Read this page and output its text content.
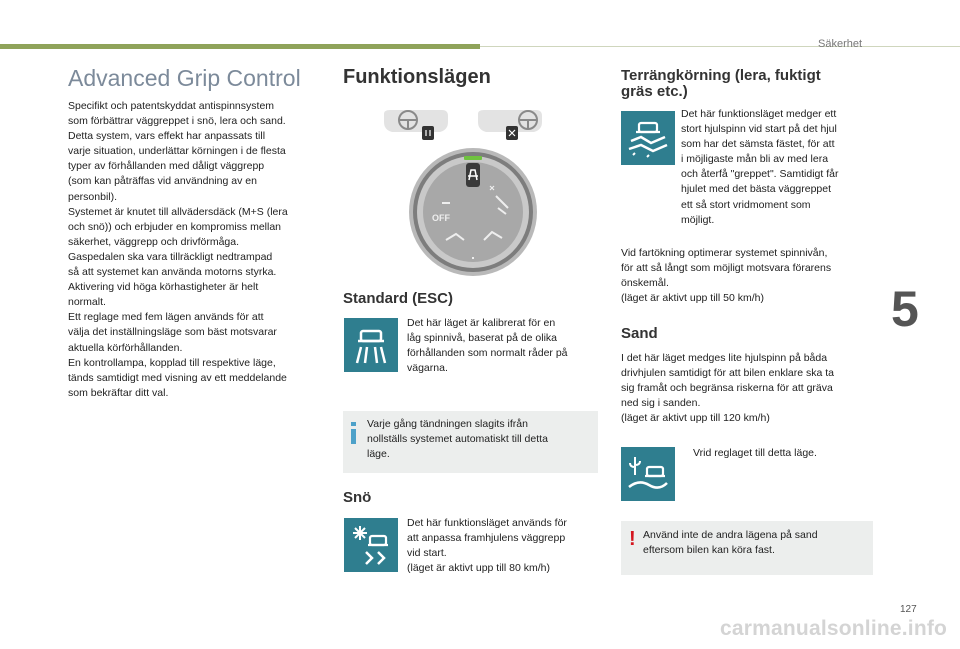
Säkerhet
5
127
carmanualsonline.info
Advanced Grip Control

Specifikt och patentskyddat antispinnsystem

som förbättrar väggreppet i snö, lera och sand.

Detta system, vars effekt har anpassats till

varje situation, underlättar körningen i de flesta

typer av förhållanden med dåligt väggrepp

(som kan påträffas vid användning av en

personbil).

Systemet är knutet till allvädersdäck (M+S (lera

och snö)) och erbjuder en kompromiss mellan

säkerhet, väggrepp och drivförmåga.

Gaspedalen ska vara tillräckligt nedtrampad

så att systemet kan använda motorns styrka.

Aktivering vid höga körhastigheter är helt

normalt.

Ett reglage med fem lägen används för att

välja det inställningsläge som bäst motsvarar

aktuella körförhållanden.

En kontrollampa, kopplad till respektive läge,

tänds samtidigt med visning av ett meddelande

som bekräftar ditt val.

Funktionslägen
OFF
Standard (ESC)

Det här läget är kalibrerat för en

låg spinnivå, baserat på de olika

förhållanden som normalt råder på

vägarna.

Varje gång tändningen slagits ifrån

nollställs systemet automatiskt till detta

läge.

Snö

Det här funktionsläget används för

att anpassa framhjulens väggrepp

vid start.

(läget är aktivt upp till 80 km/h)

Terrängkörning (lera, fuktigt
gräs etc.)

Det här funktionsläget medger ett

stort hjulspinn vid start på det hjul

som har det sämsta fästet, för att

i möjligaste mån bli av med lera

och återfå "greppet". Samtidigt får

hjulet med det bästa väggreppet

ett så stort vridmoment som

möjligt.

Vid fartökning optimerar systemet spinnivån,

för att så långt som möjligt motsvara förarens

önskemål.

(läget är aktivt upp till 50 km/h)

Sand

I det här läget medges lite hjulspinn på båda

drivhjulen samtidigt för att bilen enklare ska ta

sig framåt och begränsa riskerna för att gräva

ned sig i sanden.

(läget är aktivt upp till 120 km/h)

Vrid reglaget till detta läge.
! Använd inte de andra lägena på sand

eftersom bilen kan köra fast.
